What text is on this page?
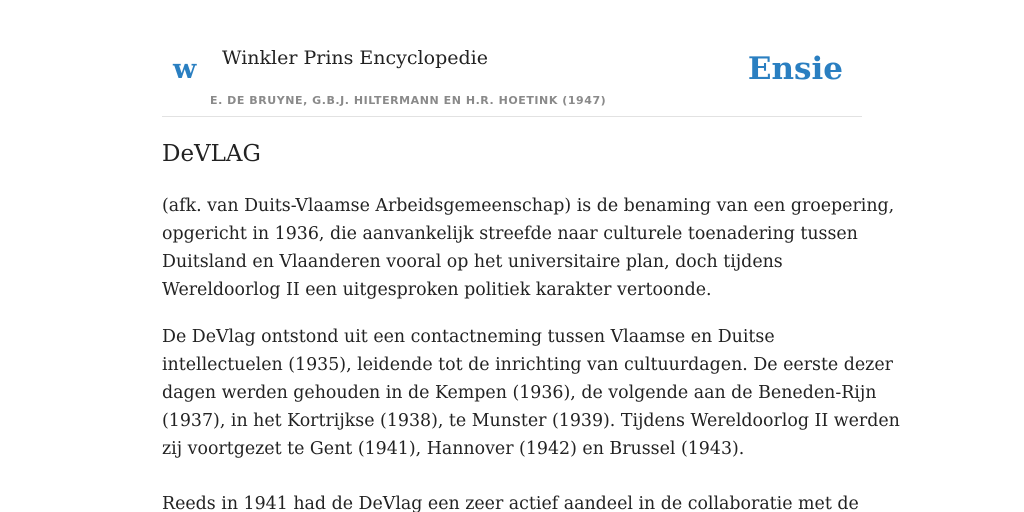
w Winkler Prins Encyclopedie
E. DE BRUYNE, G.B.J. HILTERMANN EN H.R. HOETINK (1947)
Ensie
DeVLAG

(afk. van Duits-Vlaamse Arbeidsgemeenschap) is de benaming van een groepering,
opgericht in 1936, die aanvankelijk streefde naar culturele toenadering tussen
Duitsland en Vlaanderen vooral op het universitaire plan, doch tijdens
Wereldoorlog II een uitgesproken politiek karakter vertoonde.

De DeVlag ontstond uit een contactneming tussen Vlaamse en Duitse
intellectuelen (1935), leidende tot de inrichting van cultuurdagen. De eerste dezer
dagen werden gehouden in de Kempen (1936), de volgende aan de Beneden-Rijn
(1937), in het Kortrijkse (1938), te Munster (1939). Tijdens Wereldoorlog II werden
zij voortgezet te Gent (1941), Hannover (1942) en Brussel (1943).

Reeds in 1941 had de DeVlag een zeer actief aandeel in de collaboratie met de
